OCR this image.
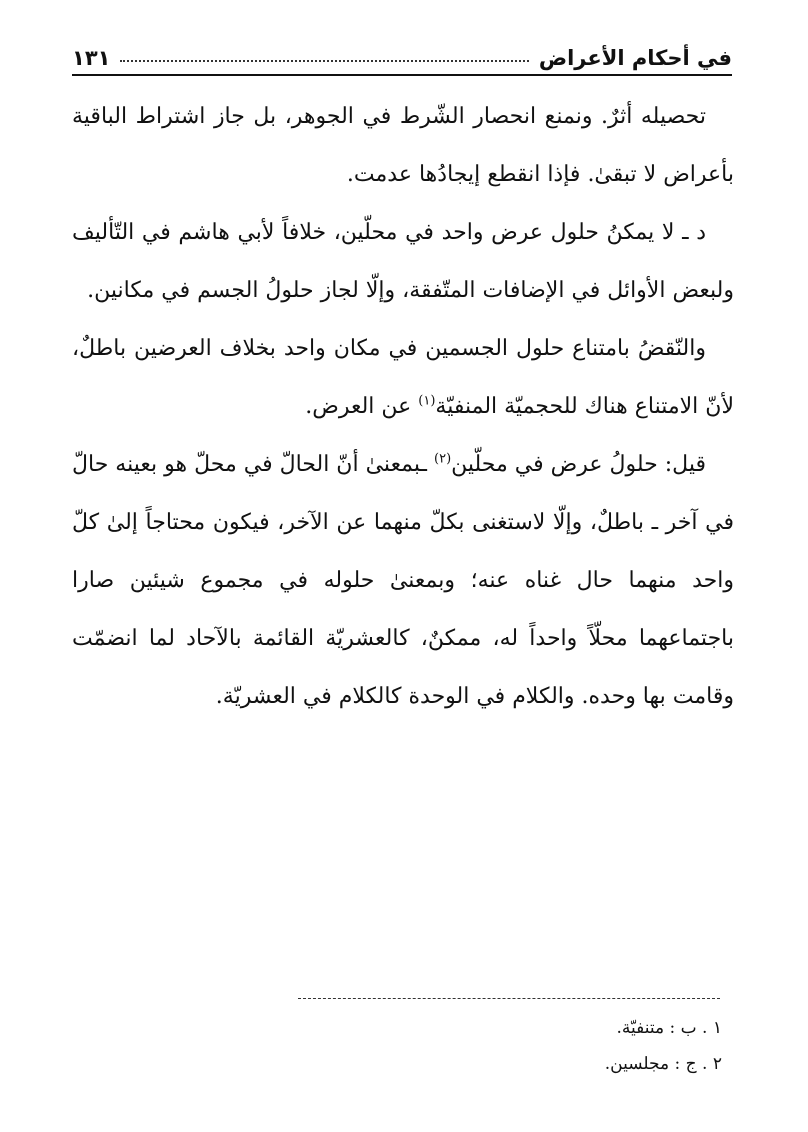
في أحكام الأعراض
١٣١

تحصيله أثرٌ. ونمنع انحصار الشّرط في الجوهر، بل جاز اشتراط الباقية بأعراض لا تبقىٰ. فإذا انقطع إيجادُها عدمت.

د ـ لا يمكنُ حلول عرض واحد في محلّين، خلافاً لأبي هاشم في التّأليف ولبعض الأوائل في الإضافات المتّفقة، وإلّا لجاز حلولُ الجسم في مكانين.

والنّقضُ بامتناع حلول الجسمين في مكان واحد بخلاف العرضين باطلٌ، لأنّ الامتناع هناك للحجميّة المنفيّة$^{(١)}$ عن العرض.

قيل: حلولُ عرض في محلّين$^{(٢)}$ ـبمعنىٰ أنّ الحالّ في محلّ هو بعينه حالّ في آخر ـ باطلٌ، وإلّا لاستغنى بكلّ منهما عن الآخر، فيكون محتاجاً إلىٰ كلّ واحد منهما حال غناه عنه؛ وبمعنىٰ حلوله في مجموع شيئين صارا باجتماعهما محلّاً واحداً له، ممكنٌ، كالعشريّة القائمة بالآحاد لما انضمّت وقامت بها وحده. والكلام في الوحدة كالكلام في العشريّة.

١ . ب : متنفيّة.
٢ . ج : مجلسين.
